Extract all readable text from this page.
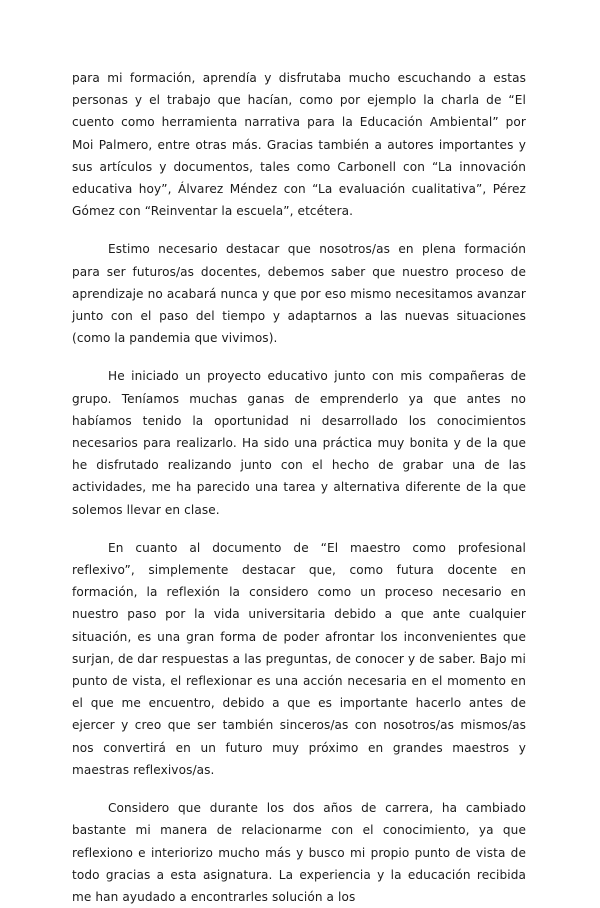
para mi formación, aprendía y disfrutaba mucho escuchando a estas personas y el trabajo que hacían, como por ejemplo la charla de “El cuento como herramienta narrativa para la Educación Ambiental” por Moi Palmero, entre otras más. Gracias también a autores importantes y sus artículos y documentos, tales como Carbonell con “La innovación educativa hoy”, Álvarez Méndez con “La evaluación cualitativa”, Pérez Gómez con “Reinventar la escuela”, etcétera.

Estimo necesario destacar que nosotros/as en plena formación para ser futuros/as docentes, debemos saber que nuestro proceso de aprendizaje no acabará nunca y que por eso mismo necesitamos avanzar junto con el paso del tiempo y adaptarnos a las nuevas situaciones (como la pandemia que vivimos).

He iniciado un proyecto educativo junto con mis compañeras de grupo. Teníamos muchas ganas de emprenderlo ya que antes no habíamos tenido la oportunidad ni desarrollado los conocimientos necesarios para realizarlo. Ha sido una práctica muy bonita y de la que he disfrutado realizando junto con el hecho de grabar una de las actividades, me ha parecido una tarea y alternativa diferente de la que solemos llevar en clase.

En cuanto al documento de “El maestro como profesional reflexivo”, simplemente destacar que, como futura docente en formación, la reflexión la considero como un proceso necesario en nuestro paso por la vida universitaria debido a que ante cualquier situación, es una gran forma de poder afrontar los inconvenientes que surjan, de dar respuestas a las preguntas, de conocer y de saber. Bajo mi punto de vista, el reflexionar es una acción necesaria en el momento en el que me encuentro, debido a que es importante hacerlo antes de ejercer y creo que ser también sinceros/as con nosotros/as mismos/as nos convertirá en un futuro muy próximo en grandes maestros y maestras reflexivos/as.

Considero que durante los dos años de carrera, ha cambiado bastante mi manera de relacionarme con el conocimiento, ya que reflexiono e interiorizo mucho más y busco mi propio punto de vista de todo gracias a esta asignatura. La experiencia y la educación recibida me han ayudado a encontrarles solución a los
